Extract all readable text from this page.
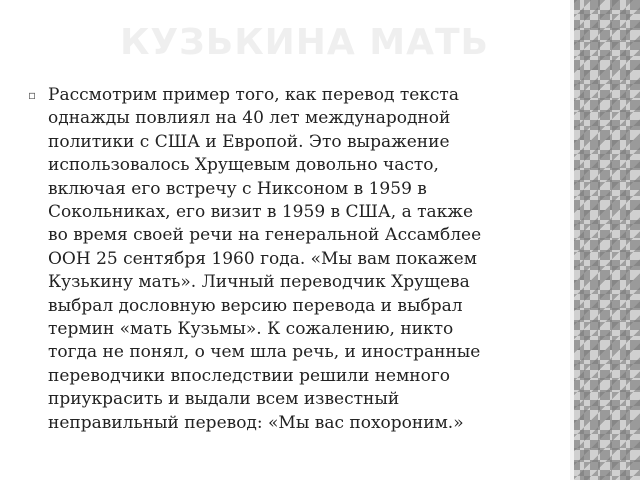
КУЗЬКИНА МАТЬ
▫ Рассмотрим пример того, как перевод текста
однажды повлиял на 40 лет международной
политики с США и Европой. Это выражение
использовалось Хрущевым довольно часто,
включая его встречу с Никсоном в 1959 в
Сокольниках, его визит в 1959 в США, а также
во время своей речи на генеральной Ассамблее
ООН 25 сентября 1960 года. «Мы вам покажем
Кузькину мать». Личный переводчик Хрущева
выбрал дословную версию перевода и выбрал
термин «мать Кузьмы». К сожалению, никто
тогда не понял, о чем шла речь, и иностранные
переводчики впоследствии решили немного
приукрасить и выдали всем известный
неправильный перевод: «Мы вас похороним.»
